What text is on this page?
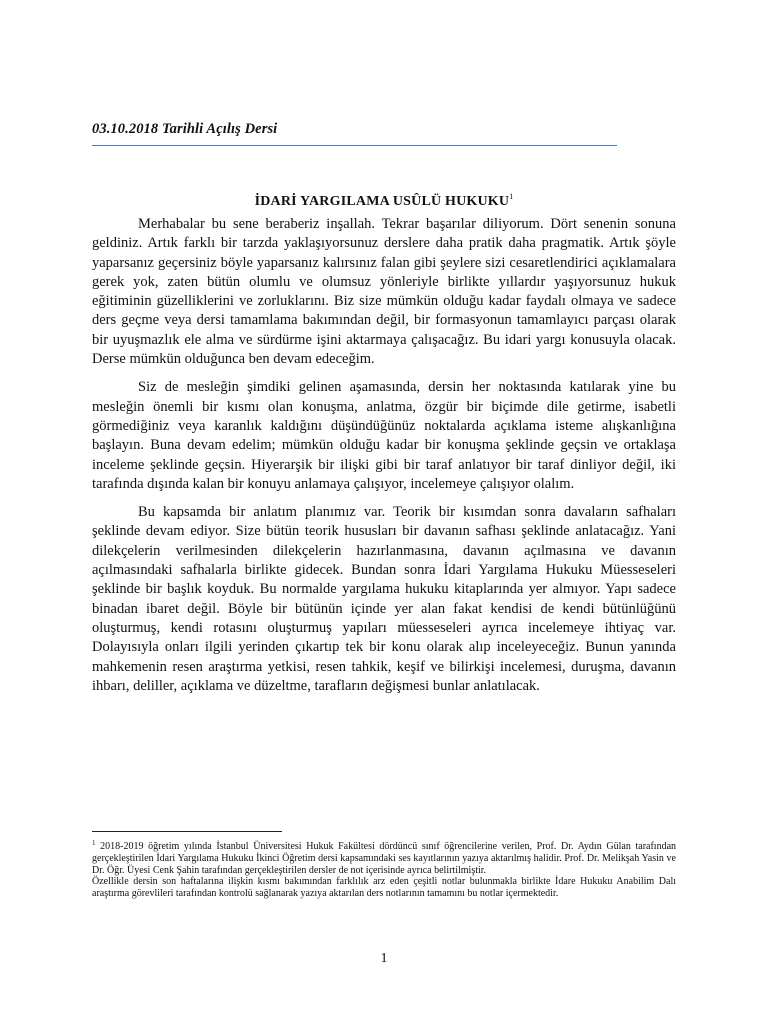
03.10.2018 Tarihli Açılış Dersi
İDARİ YARGILAMA USÛLÜ HUKUKU$^1$

Merhabalar bu sene beraberiz inşallah. Tekrar başarılar diliyorum. Dört senenin sonuna geldiniz. Artık farklı bir tarzda yaklaşıyorsunuz derslere daha pratik daha pragmatik. Artık şöyle yaparsanız geçersiniz böyle yaparsanız kalırsınız falan gibi şeylere sizi cesaretlendirici açıklamalara gerek yok, zaten bütün olumlu ve olumsuz yönleriyle birlikte yıllardır yaşıyorsunuz hukuk eğitiminin güzelliklerini ve zorluklarını. Biz size mümkün olduğu kadar faydalı olmaya ve sadece ders geçme veya dersi tamamlama bakımından değil, bir formasyonun tamamlayıcı parçası olarak bir uyuşmazlık ele alma ve sürdürme işini aktarmaya çalışacağız. Bu idari yargı konusuyla olacak. Derse mümkün olduğunca ben devam edeceğim.

Siz de mesleğin şimdiki gelinen aşamasında, dersin her noktasında katılarak yine bu mesleğin önemli bir kısmı olan konuşma, anlatma, özgür bir biçimde dile getirme, isabetli görmediğiniz veya karanlık kaldığını düşündüğünüz noktalarda açıklama isteme alışkanlığına başlayın. Buna devam edelim; mümkün olduğu kadar bir konuşma şeklinde geçsin ve ortaklaşa inceleme şeklinde geçsin. Hiyerarşik bir ilişki gibi bir taraf anlatıyor bir taraf dinliyor değil, iki tarafında dışında kalan bir konuyu anlamaya çalışıyor, incelemeye çalışıyor olalım.

Bu kapsamda bir anlatım planımız var. Teorik bir kısımdan sonra davaların safhaları şeklinde devam ediyor. Size bütün teorik hususları bir davanın safhası şeklinde anlatacağız. Yani dilekçelerin verilmesinden dilekçelerin hazırlanmasına, davanın açılmasına ve davanın açılmasındaki safhalarla birlikte gidecek. Bundan sonra İdari Yargılama Hukuku Müesseseleri şeklinde bir başlık koyduk. Bu normalde yargılama hukuku kitaplarında yer almıyor. Yapı sadece binadan ibaret değil. Böyle bir bütünün içinde yer alan fakat kendisi de kendi bütünlüğünü oluşturmuş, kendi rotasını oluşturmuş yapıları müesseseleri ayrıca incelemeye ihtiyaç var. Dolayısıyla onları ilgili yerinden çıkartıp tek bir konu olarak alıp inceleyeceğiz. Bunun yanında mahkemenin resen araştırma yetkisi, resen tahkik, keşif ve bilirkişi incelemesi, duruşma, davanın ihbarı, deliller, açıklama ve düzeltme, tarafların değişmesi bunlar anlatılacak.

$^1$ 2018-2019 öğretim yılında İstanbul Üniversitesi Hukuk Fakültesi dördüncü sınıf öğrencilerine verilen, Prof. Dr. Aydın Gülan tarafından gerçekleştirilen İdari Yargılama Hukuku İkinci Öğretim dersi kapsamındaki ses kayıtlarının yazıya aktarılmış halidir. Prof. Dr. Melikşah Yasin ve Dr. Öğr. Üyesi Cenk Şahin tarafından gerçekleştirilen dersler de not içerisinde ayrıca belirtilmiştir.

Özellikle dersin son haftalarına ilişkin kısmı bakımından farklılık arz eden çeşitli notlar bulunmakla birlikte İdare Hukuku Anabilim Dalı araştırma görevlileri tarafından kontrolü sağlanarak yazıya aktarılan ders notlarının tamamını bu notlar içermektedir.

1
